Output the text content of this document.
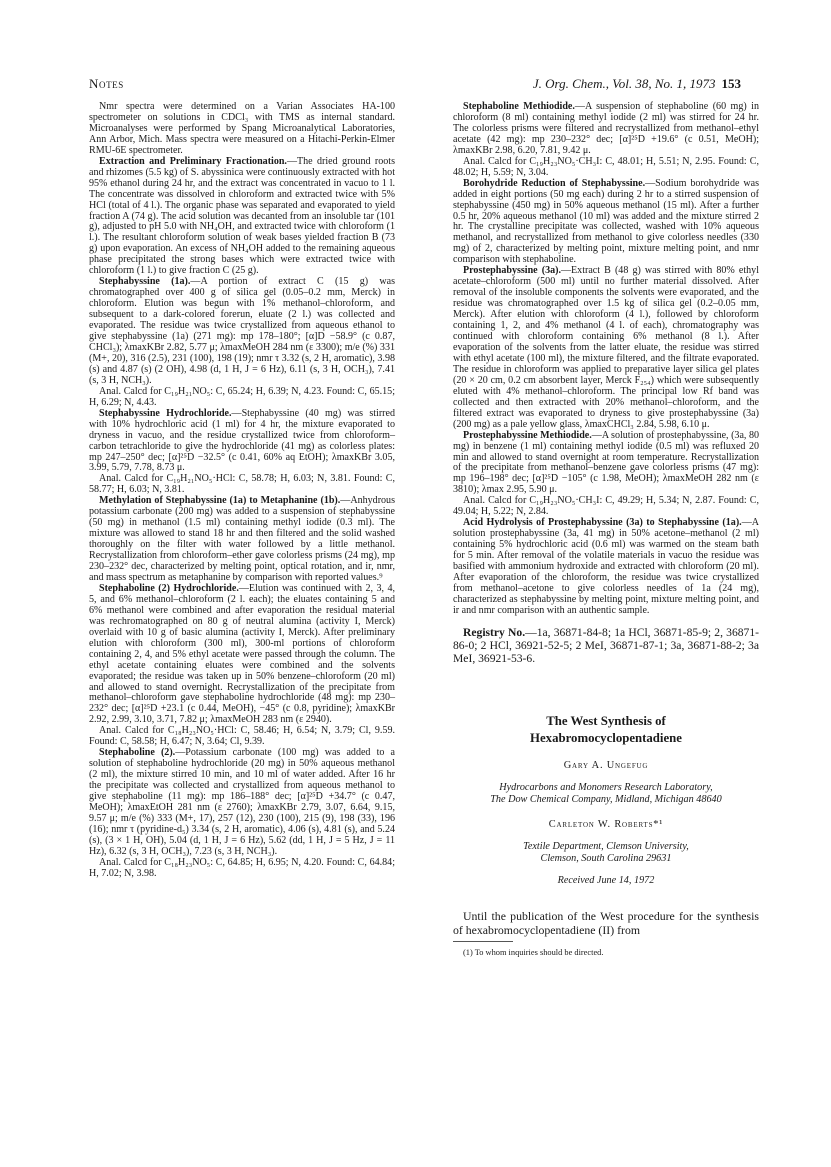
Notes	J. Org. Chem., Vol. 38, No. 1, 1973 153

Nmr spectra were determined on a Varian Associates HA-100 spectrometer on solutions in CDCl₃ with TMS as internal standard. Microanalyses were performed by Spang Microanalytical Laboratories, Ann Arbor, Mich. Mass spectra were measured on a Hitachi-Perkin-Elmer RMU-6E spectrometer.

Extraction and Preliminary Fractionation.—The dried ground roots and rhizomes (5.5 kg) of S. abyssinica were continuously extracted with hot 95% ethanol during 24 hr, and the extract was concentrated in vacuo to 1 l. The concentrate was dissolved in chloroform and extracted twice with 5% HCl (total of 4 l.). The organic phase was separated and evaporated to yield fraction A (74 g). The acid solution was decanted from an insoluble tar (101 g), adjusted to pH 5.0 with NH₄OH, and extracted twice with chloroform (1 l.). The resultant chloroform solution of weak bases yielded fraction B (73 g) upon evaporation. An excess of NH₄OH added to the remaining aqueous phase precipitated the strong bases which were extracted twice with chloroform (1 l.) to give fraction C (25 g).

Stephabyssine (1a).—A portion of extract C (15 g) was chromatographed over 400 g of silica gel (0.05–0.2 mm, Merck) in chloroform. Elution was begun with 1% methanol–chloroform, and subsequent to a dark-colored forerun, eluate (2 l.) was collected and evaporated. The residue was twice crystallized from aqueous ethanol to give stephabyssine (1a) (271 mg): mp 178–180°; [α]D −58.9° (c 0.87, CHCl₃); λmaxKBr 2.82, 5.77 μ; λmaxMeOH 284 nm (ε 3300); m/e (%) 331 (M+, 20), 316 (2.5), 231 (100), 198 (19); nmr τ 3.32 (s, 2 H, aromatic), 3.98 (s) and 4.87 (s) (2 OH), 4.98 (d, 1 H, J = 6 Hz), 6.11 (s, 3 H, OCH₃), 7.41 (s, 3 H, NCH₃).

Anal. Calcd for C₁₉H₂₁NO₅: C, 65.24; H, 6.39; N, 4.23. Found: C, 65.15; H, 6.29; N, 4.43.

Stephabyssine Hydrochloride.—Stephabyssine (40 mg) was stirred with 10% hydrochloric acid (1 ml) for 4 hr, the mixture evaporated to dryness in vacuo, and the residue crystallized twice from chloroform–carbon tetrachloride to give the hydrochloride (41 mg) as colorless plates: mp 247–250° dec; [α]²⁵D −32.5° (c 0.41, 60% aq EtOH); λmaxKBr 3.05, 3.99, 5.79, 7.78, 8.73 μ.

Anal. Calcd for C₁₉H₂₁NO₅·HCl: C, 58.78; H, 6.03; N, 3.81. Found: C, 58.77; H, 6.03; N, 3.81.

Methylation of Stephabyssine (1a) to Metaphanine (1b).—Anhydrous potassium carbonate (200 mg) was added to a suspension of stephabyssine (50 mg) in methanol (1.5 ml) containing methyl iodide (0.3 ml). The mixture was allowed to stand 18 hr and then filtered and the solid washed thoroughly on the filter with water followed by a little methanol. Recrystallization from chloroform–ether gave colorless prisms (24 mg), mp 230–232° dec, characterized by melting point, optical rotation, and ir, nmr, and mass spectrum as metaphanine by comparison with reported values.⁹

Stephaboline (2) Hydrochloride.—Elution was continued with 2, 3, 4, 5, and 6% methanol–chloroform (2 l. each); the eluates containing 5 and 6% methanol were combined and after evaporation the residual material was rechromatographed on 80 g of neutral alumina (activity I, Merck) overlaid with 10 g of basic alumina (activity I, Merck). After preliminary elution with chloroform (300 ml), 300-ml portions of chloroform containing 2, 4, and 5% ethyl acetate were passed through the column. The ethyl acetate containing eluates were combined and the solvents evaporated; the residue was taken up in 50% benzene–chloroform (20 ml) and allowed to stand overnight. Recrystallization of the precipitate from methanol–chloroform gave stephaboline hydrochloride (48 mg): mp 230–232° dec; [α]²⁵D +23.1 (c 0.44, MeOH), −45° (c 0.8, pyridine); λmaxKBr 2.92, 2.99, 3.10, 3.71, 7.82 μ; λmaxMeOH 283 nm (ε 2940).

Anal. Calcd for C₁₈H₂₃NO₅·HCl: C, 58.46; H, 6.54; N, 3.79; Cl, 9.59. Found: C, 58.58; H, 6.47; N, 3.64; Cl, 9.39.

Stephaboline (2).—Potassium carbonate (100 mg) was added to a solution of stephaboline hydrochloride (20 mg) in 50% aqueous methanol (2 ml), the mixture stirred 10 min, and 10 ml of water added. After 16 hr the precipitate was collected and crystallized from aqueous methanol to give stephaboline (11 mg): mp 186–188° dec; [α]²⁵D +34.7° (c 0.47, MeOH); λmaxEtOH 281 nm (ε 2760); λmaxKBr 2.79, 3.07, 6.64, 9.15, 9.57 μ; m/e (%) 333 (M+, 17), 257 (12), 230 (100), 215 (9), 198 (33), 196 (16); nmr τ (pyridine-d₅) 3.34 (s, 2 H, aromatic), 4.06 (s), 4.81 (s), and 5.24 (s), (3 × 1 H, OH), 5.04 (d, 1 H, J = 6 Hz), 5.62 (dd, 1 H, J = 5 Hz, J = 11 Hz), 6.32 (s, 3 H, OCH₃), 7.23 (s, 3 H, NCH₃).

Anal. Calcd for C₁₈H₂₃NO₅: C, 64.85; H, 6.95; N, 4.20. Found: C, 64.84; H, 7.02; N, 3.98.

Stephaboline Methiodide.—A suspension of stephaboline (60 mg) in chloroform (8 ml) containing methyl iodide (2 ml) was stirred for 24 hr. The colorless prisms were filtered and recrystallized from methanol–ethyl acetate (42 mg): mp 230–232° dec; [α]²⁵D +19.6° (c 0.51, MeOH); λmaxKBr 2.98, 6.20, 7.81, 9.42 μ.

Anal. Calcd for C₁₉H₂₃NO₅·CH₃I: C, 48.01; H, 5.51; N, 2.95. Found: C, 48.02; H, 5.59; N, 3.04.

Borohydride Reduction of Stephabyssine.—Sodium borohydride was added in eight portions (50 mg each) during 2 hr to a stirred suspension of stephabyssine (450 mg) in 50% aqueous methanol (15 ml). After a further 0.5 hr, 20% aqueous methanol (10 ml) was added and the mixture stirred 2 hr. The crystalline precipitate was collected, washed with 10% aqueous methanol, and recrystallized from methanol to give colorless needles (330 mg) of 2, characterized by melting point, mixture melting point, and nmr comparison with stephaboline.

Prostephabyssine (3a).—Extract B (48 g) was stirred with 80% ethyl acetate–chloroform (500 ml) until no further material dissolved. After removal of the insoluble components the solvents were evaporated, and the residue was chromatographed over 1.5 kg of silica gel (0.2–0.05 mm, Merck). After elution with chloroform (4 l.), followed by chloroform containing 1, 2, and 4% methanol (4 l. of each), chromatography was continued with chloroform containing 6% methanol (8 l.). After evaporation of the solvents from the latter eluate, the residue was stirred with ethyl acetate (100 ml), the mixture filtered, and the filtrate evaporated. The residue in chloroform was applied to preparative layer silica gel plates (20 × 20 cm, 0.2 cm absorbent layer, Merck F₂₅₄) which were subsequently eluted with 4% methanol–chloroform. The principal low Rf band was collected and then extracted with 20% methanol–chloroform, and the filtered extract was evaporated to dryness to give prostephabyssine (3a) (200 mg) as a pale yellow glass, λmaxCHCl₃ 2.84, 5.98, 6.10 μ.

Prostephabyssine Methiodide.—A solution of prostephabyssine, (3a, 80 mg) in benzene (1 ml) containing methyl iodide (0.5 ml) was refluxed 20 min and allowed to stand overnight at room temperature. Recrystallization of the precipitate from methanol–benzene gave colorless prisms (47 mg): mp 196–198° dec; [α]²⁵D −105° (c 1.98, MeOH); λmaxMeOH 282 nm (ε 3810); λmax 2.95, 5.90 μ.

Anal. Calcd for C₁₉H₂₃NO₅·CH₃I: C, 49.29; H, 5.34; N, 2.87. Found: C, 49.04; H, 5.22; N, 2.84.

Acid Hydrolysis of Prostephabyssine (3a) to Stephabyssine (1a).—A solution prostephabyssine (3a, 41 mg) in 50% acetone–methanol (2 ml) containing 5% hydrochloric acid (0.6 ml) was warmed on the steam bath for 5 min. After removal of the volatile materials in vacuo the residue was basified with ammonium hydroxide and extracted with chloroform (20 ml). After evaporation of the chloroform, the residue was twice crystallized from methanol–acetone to give colorless needles of 1a (24 mg), characterized as stephabyssine by melting point, mixture melting point, and ir and nmr comparison with an authentic sample.

Registry No.—1a, 36871-84-8; 1a HCl, 36871-85-9; 2, 36871-86-0; 2 HCl, 36921-52-5; 2 MeI, 36871-87-1; 3a, 36871-88-2; 3a MeI, 36921-53-6.

The West Synthesis of
Hexabromocyclopentadiene
Gary A. Ungefug
Hydrocarbons and Monomers Research Laboratory,
The Dow Chemical Company, Midland, Michigan 48640
Carleton W. Roberts*¹
Textile Department, Clemson University,
Clemson, South Carolina 29631
Received June 14, 1972

Until the publication of the West procedure for the synthesis of hexabromocyclopentadiene (II) from

(1) To whom inquiries should be directed.
